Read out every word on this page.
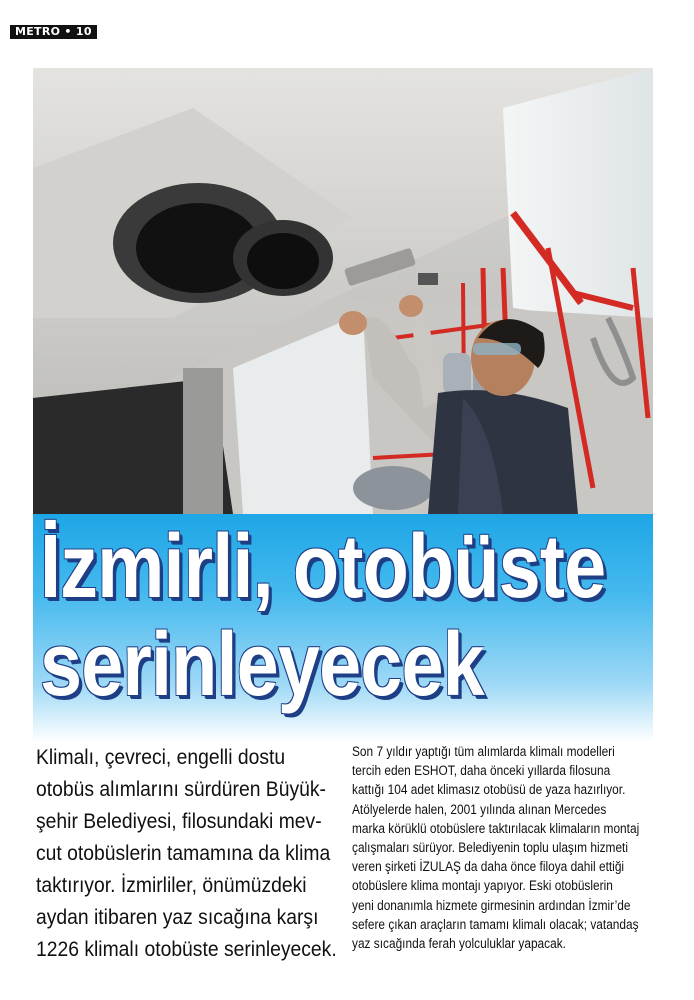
METRO • 10
İzmirli, otobüste
serinleyecek
Klimalı, çevreci, engelli dostu
otobüs alımlarını sürdüren Büyük-
şehir Belediyesi, filosundaki mev-
cut otobüslerin tamamına da klima
taktırıyor. İzmirliler, önümüzdeki
aydan itibaren yaz sıcağına karşı
1226 klimalı otobüste serinleyecek.
Son 7 yıldır yaptığı tüm alımlarda klimalı modelleri
tercih eden ESHOT, daha önceki yıllarda filosuna
kattığı 104 adet klimasız otobüsü de yaza hazırlıyor.
Atölyelerde halen, 2001 yılında alınan Mercedes
marka körüklü otobüslere taktırılacak klimaların montaj
çalışmaları sürüyor. Belediyenin toplu ulaşım hizmeti
veren şirketi İZULAŞ da daha önce filoya dahil ettiği
otobüslere klima montajı yapıyor. Eski otobüslerin
yeni donanımla hizmete girmesinin ardından İzmir’de
sefere çıkan araçların tamamı klimalı olacak; vatandaş
yaz sıcağında ferah yolculuklar yapacak.
